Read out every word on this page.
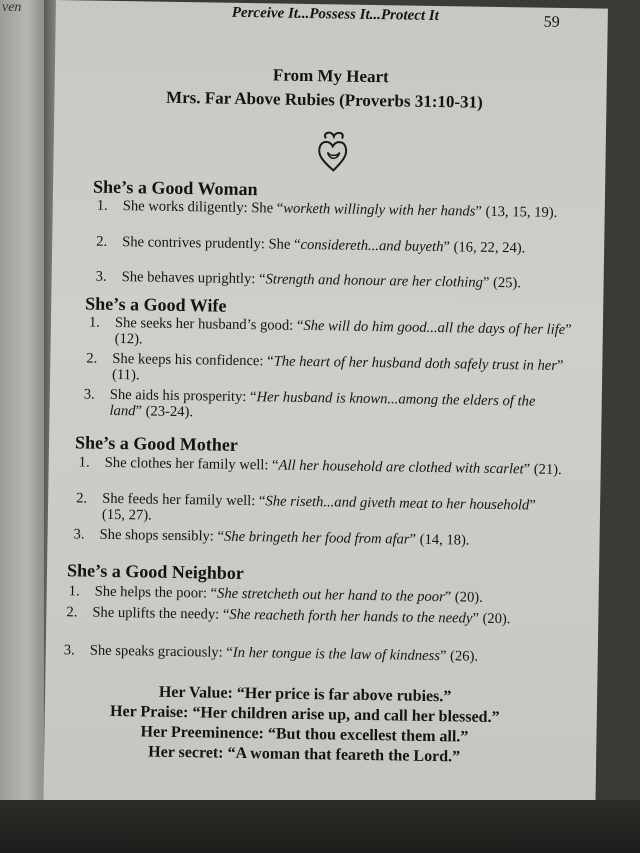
ven	Perceive It...Possess It...Protect It	59
From My Heart
Mrs. Far Above Rubies (Proverbs 31:10-31)
She’s a Good Woman
1. She works diligently: She “worketh willingly with her hands” (13, 15, 19).
2. She contrives prudently: She “considereth...and buyeth” (16, 22, 24).
3. She behaves uprightly: “Strength and honour are her clothing” (25).
She’s a Good Wife
1. She seeks her husband’s good: “She will do him good...all the days of her life” (12).
2. She keeps his confidence: “The heart of her husband doth safely trust in her” (11).
3. She aids his prosperity: “Her husband is known...among the elders of the land” (23-24).
She’s a Good Mother
1. She clothes her family well: “All her household are clothed with scarlet” (21).
2. She feeds her family well: “She riseth...and giveth meat to her household” (15, 27).
3. She shops sensibly: “She bringeth her food from afar” (14, 18).
She’s a Good Neighbor
1. She helps the poor: “She stretcheth out her hand to the poor” (20).
2. She uplifts the needy: “She reacheth forth her hands to the needy” (20).
3. She speaks graciously: “In her tongue is the law of kindness” (26).
Her Value: “Her price is far above rubies.”
Her Praise: “Her children arise up, and call her blessed.”
Her Preeminence: “But thou excellest them all.”
Her secret: “A woman that feareth the Lord.”
